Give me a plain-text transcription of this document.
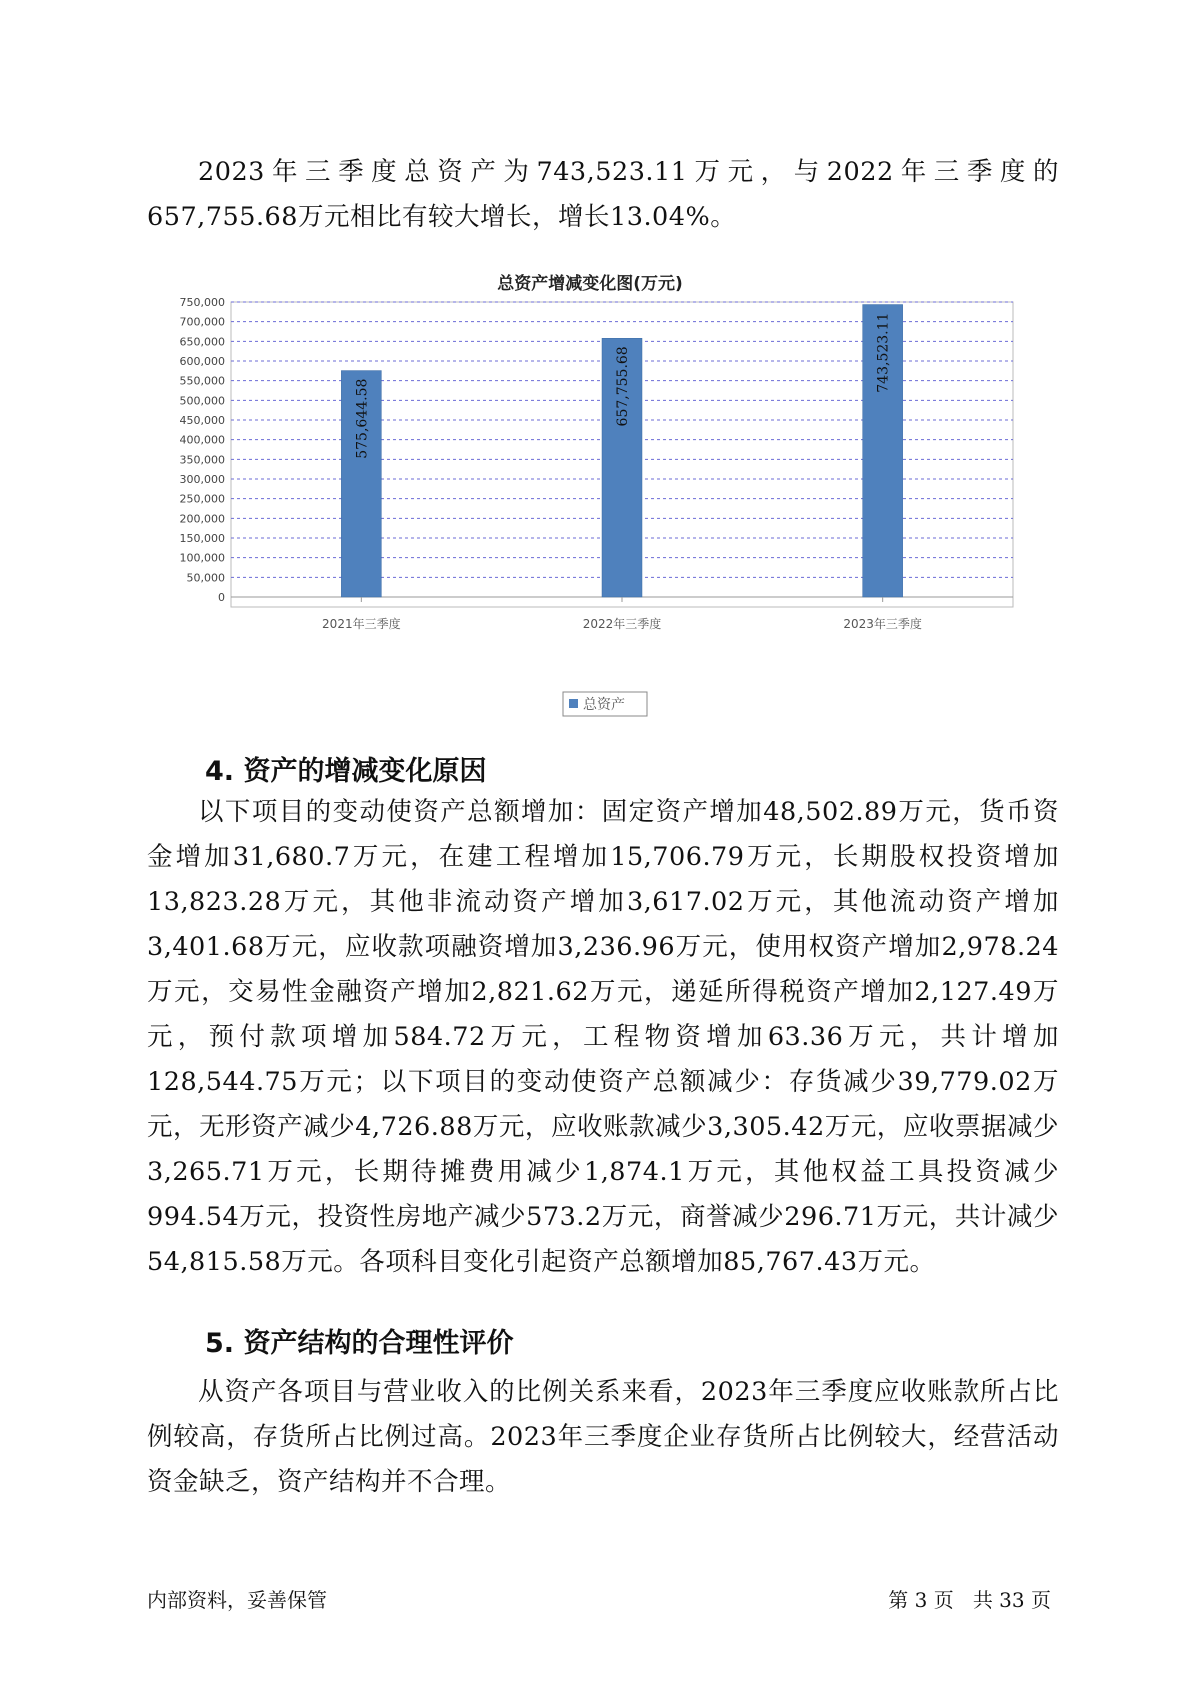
2023年三季度总资产为743,523.11万元，与2022年三季度的657,755.68万元相比有较大增长，增长13.04%。

总资产增减变化图(万元)
0
50,000
100,000
150,000
200,000
250,000
300,000
350,000
400,000
450,000
500,000
550,000
600,000
650,000
700,000
750,000
575,644.58	657,755.68	743,523.11
2021年三季度	2022年三季度	2023年三季度
总资产
4. 资产的增减变化原因

以下项目的变动使资产总额增加：固定资产增加48,502.89万元，货币资金增加31,680.7万元，在建工程增加15,706.79万元，长期股权投资增加13,823.28万元，其他非流动资产增加3,617.02万元，其他流动资产增加3,401.68万元，应收款项融资增加3,236.96万元，使用权资产增加2,978.24万元，交易性金融资产增加2,821.62万元，递延所得税资产增加2,127.49万元，预付款项增加584.72万元，工程物资增加63.36万元，共计增加128,544.75万元；以下项目的变动使资产总额减少：存货减少39,779.02万元，无形资产减少4,726.88万元，应收账款减少3,305.42万元，应收票据减少3,265.71万元，长期待摊费用减少1,874.1万元，其他权益工具投资减少994.54万元，投资性房地产减少573.2万元，商誉减少296.71万元，共计减少54,815.58万元。各项科目变化引起资产总额增加85,767.43万元。

5. 资产结构的合理性评价

从资产各项目与营业收入的比例关系来看，2023年三季度应收账款所占比例较高，存货所占比例过高。2023年三季度企业存货所占比例较大，经营活动资金缺乏，资产结构并不合理。

内部资料，妥善保管	第 3 页 共 33 页
